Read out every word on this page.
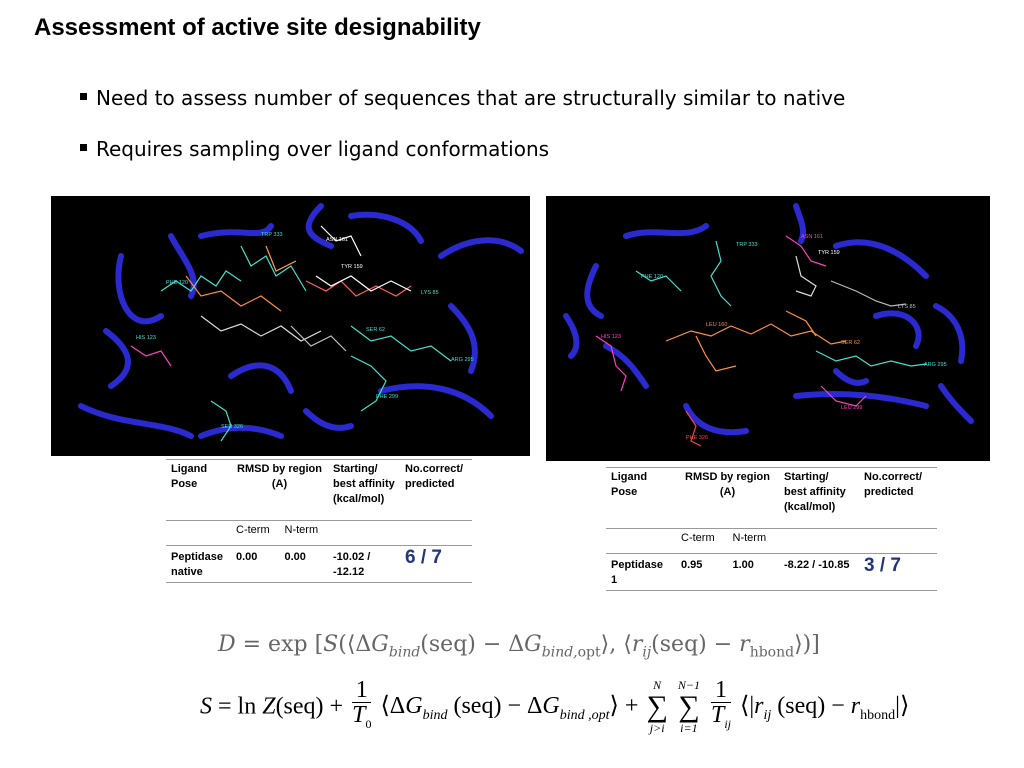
Assessment of active site designability
Need to assess number of sequences that are structurally similar to native
Requires sampling over ligand conformations
TRP 333
ASN 161
TYR 159
PHE 120
LYS 85
SER 62
HIS 123
ARG 295
PHE 299
SER 326
TRP 333
ASN 161
TYR 159
PHE 120
LYS 85
LEU 160
SER 62
HIS 123
ARG 295
LEU 299
PHE 326
Ligand Pose	RMSD by region (A)		Starting/ best affinity (kcal/mol)	No.correct/ predicted
	C-term	N-term		
Peptidase native	0.00	0.00	-10.02 / -12.12	6 / 7
Ligand Pose	RMSD by region (A)		Starting/ best affinity (kcal/mol)	No.correct/ predicted
	C-term	N-term		
Peptidase 1	0.95	1.00	-8.22 / -10.85	3 / 7
$D = \exp [S(⟨\Delta G_{bind}(seq)$ − $\Delta G_{bind,opt}⟩$, $⟨r_{ij}(seq)$ − $r_{hbond}⟩$)]
$S = \ln Z(seq) + \frac{1}{T_0}$ $⟨\Delta G_{bind}$ $(seq) - \Delta G_{bind ,opt}⟩$ +
N
∑
j>i

N−1
∑
i=1
$\frac{1}{T_{ij}}$ $⟨|r_{ij}$ $(seq) - r_{hbond}|⟩$
